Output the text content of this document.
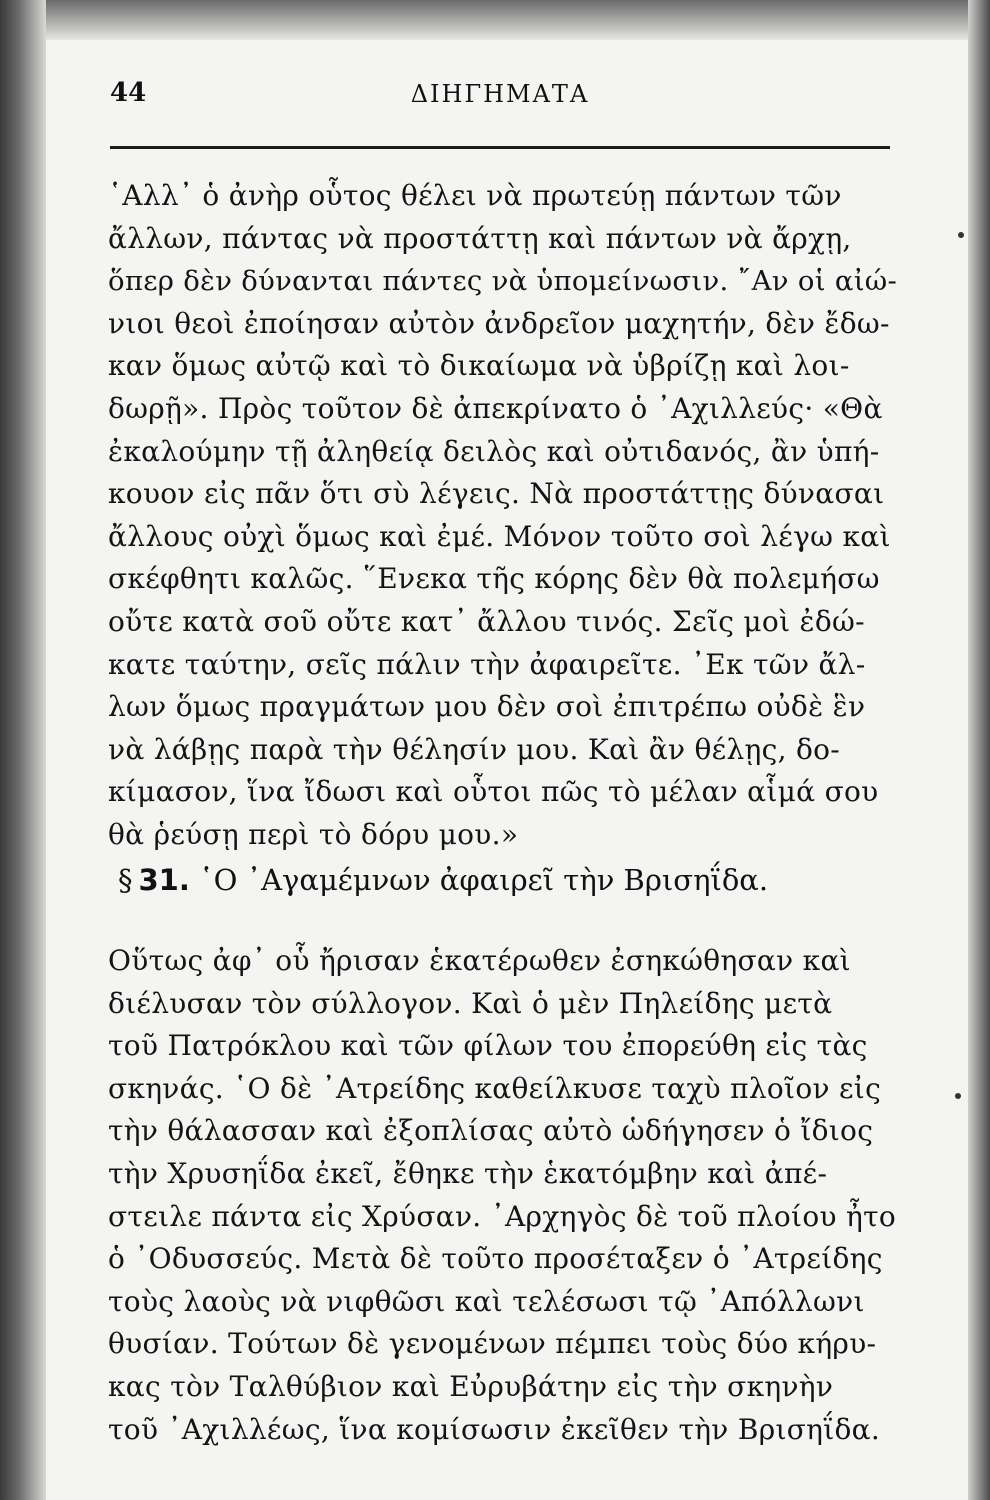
44	ΔΙΗΓΗΜΑΤΑ
῾Αλλ᾽ ὁ ἀνὴρ οὗτος θέλει νὰ πρωτεύῃ πάντων τῶν
ἄλλων, πάντας νὰ προστάττῃ καὶ πάντων νὰ ἄρχῃ,
ὅπερ δὲν δύνανται πάντες νὰ ὑπομείνωσιν. ῎Αν οἱ αἰώ-
νιοι θεοὶ ἐποίησαν αὐτὸν ἀνδρεῖον μαχητήν, δὲν ἔδω-
καν ὅμως αὐτῷ καὶ τὸ δικαίωμα νὰ ὑβρίζῃ καὶ λοι-
δωρῇ». Πρὸς τοῦτον δὲ ἀπεκρίνατο ὁ ᾿Αχιλλεύς· «Θὰ
ἐκαλούμην τῇ ἀληθείᾳ δειλὸς καὶ οὐτιδανός, ἂν ὑπή-
κουον εἰς πᾶν ὅτι σὺ λέγεις. Νὰ προστάττῃς δύνασαι
ἄλλους οὐχὶ ὅμως καὶ ἐμέ. Μόνον τοῦτο σοὶ λέγω καὶ
σκέφθητι καλῶς. ῞Ενεκα τῆς κόρης δὲν θὰ πολεμήσω
οὔτε κατὰ σοῦ οὔτε κατ᾽ ἄλλου τινός. Σεῖς μοὶ ἐδώ-
κατε ταύτην, σεῖς πάλιν τὴν ἀφαιρεῖτε. ᾿Εκ τῶν ἄλ-
λων ὅμως πραγμάτων μου δὲν σοὶ ἐπιτρέπω οὐδὲ ἓν
νὰ λάβῃς παρὰ τὴν θέλησίν μου. Καὶ ἂν θέλῃς, δο-
κίμασον, ἵνα ἴδωσι καὶ οὗτοι πῶς τὸ μέλαν αἷμά σου
θὰ ῥεύσῃ περὶ τὸ δόρυ μου.»
§ 31. ῾Ο ᾿Αγαμέμνων ἀφαιρεῖ τὴν Βρισηΐδα.
Οὕτως ἀφ᾽ οὗ ἤρισαν ἑκατέρωθεν ἐσηκώθησαν καὶ
διέλυσαν τὸν σύλλογον. Καὶ ὁ μὲν Πηλείδης μετὰ
τοῦ Πατρόκλου καὶ τῶν φίλων του ἐπορεύθη εἰς τὰς
σκηνάς. ῾Ο δὲ ᾿Ατρείδης καθείλκυσε ταχὺ πλοῖον εἰς
τὴν θάλασσαν καὶ ἐξοπλίσας αὐτὸ ὡδήγησεν ὁ ἴδιος
τὴν Χρυσηΐδα ἐκεῖ, ἔθηκε τὴν ἑκατόμβην καὶ ἀπέ-
στειλε πάντα εἰς Χρύσαν. ᾿Αρχηγὸς δὲ τοῦ πλοίου ἦτο
ὁ ᾿Οδυσσεύς. Μετὰ δὲ τοῦτο προσέταξεν ὁ ᾿Ατρείδης
τοὺς λαοὺς νὰ νιφθῶσι καὶ τελέσωσι τῷ ᾿Απόλλωνι
θυσίαν. Τούτων δὲ γενομένων πέμπει τοὺς δύο κήρυ-
κας τὸν Ταλθύβιον καὶ Εὐρυβάτην εἰς τὴν σκηνὴν
τοῦ ᾿Αχιλλέως, ἵνα κομίσωσιν ἐκεῖθεν τὴν Βρισηΐδα.
